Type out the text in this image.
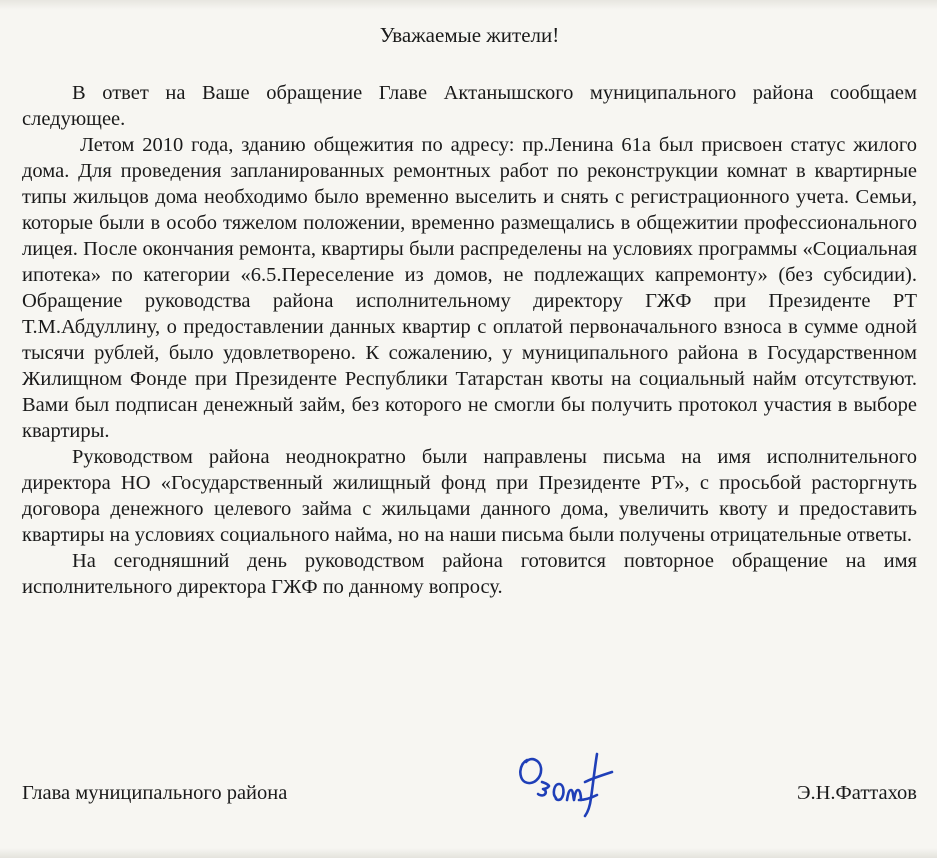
Уважаемые жители!

В ответ на Ваше обращение Главе Актанышского муниципального района сообщаем следующее.

Летом 2010 года, зданию общежития по адресу: пр.Ленина 61а был присвоен статус жилого дома. Для проведения запланированных ремонтных работ по реконструкции комнат в квартирные типы жильцов дома необходимо было временно выселить и снять с регистрационного учета. Семьи, которые были в особо тяжелом положении, временно размещались в общежитии профессионального лицея. После окончания ремонта, квартиры были распределены на условиях программы «Социальная ипотека» по категории «6.5.Переселение из домов, не подлежащих капремонту» (без субсидии). Обращение руководства района исполнительному директору ГЖФ при Президенте РТ Т.М.Абдуллину, о предоставлении данных квартир с оплатой первоначального взноса в сумме одной тысячи рублей, было удовлетворено. К сожалению, у муниципального района в Государственном Жилищном Фонде при Президенте Республики Татарстан квоты на социальный найм отсутствуют. Вами был подписан денежный займ, без которого не смогли бы получить протокол участия в выборе квартиры.

Руководством района неоднократно были направлены письма на имя исполнительного директора НО «Государственный жилищный фонд при Президенте РТ», с просьбой расторгнуть договора денежного целевого займа с жильцами данного дома, увеличить квоту и предоставить квартиры на условиях социального найма, но на наши письма были получены отрицательные ответы.

На сегодняшний день руководством района готовится повторное обращение на имя исполнительного директора ГЖФ по данному вопросу.

Глава муниципального района	Э.Н.Фаттахов
